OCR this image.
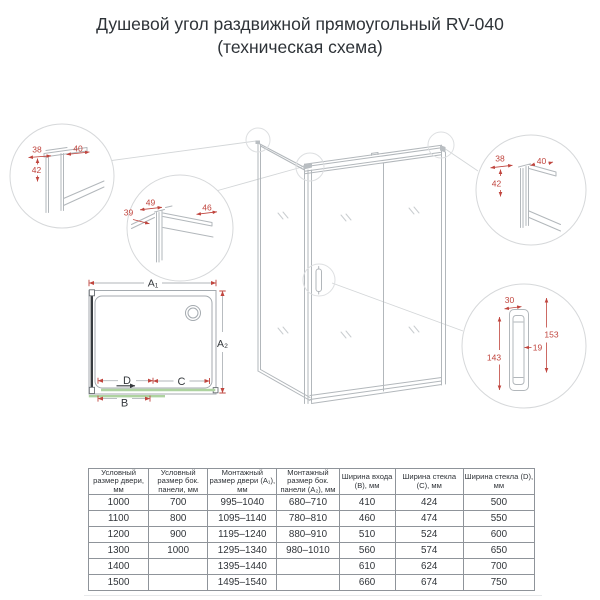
Душевой угол раздвижной прямоугольный RV-040
(техническая схема)
A₁
A₂
D	C
B
38	40
42
49	46
39
38	40
42
30
153
143
19
Условный размер двери, мм	Условный размер бок. панели, мм	Монтажный размер двери (A₁), мм	Монтажный размер бок. панели (A₂), мм	Ширина входа (B), мм	Ширина стекла (C), мм	Ширина стекла (D), мм
1000	700	995–1040	680–710	410	424	500
1100	800	1095–1140	780–810	460	474	550
1200	900	1195–1240	880–910	510	524	600
1300	1000	1295–1340	980–1010	560	574	650
1400		1395–1440		610	624	700
1500		1495–1540		660	674	750
